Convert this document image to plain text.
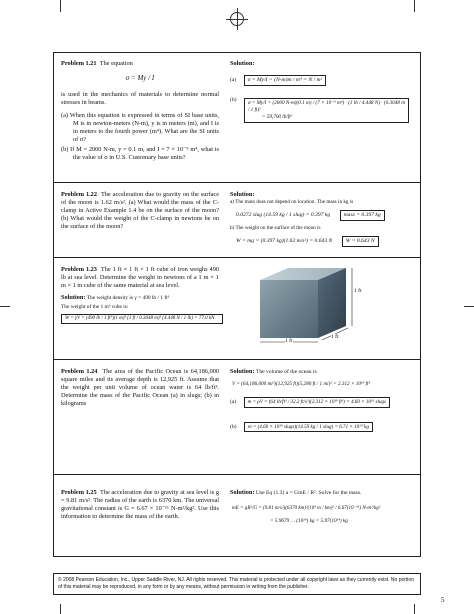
Problem 1.21 The equation
σ = My / I
is used in the mechanics of materials to determine normal stresses in beams.
(a) When this equation is expressed in terms of SI base units, M is in newton-meters (N-m), y is in meters (m), and I is in meters to the fourth power (m⁴). What are the SI units of σ?
(b) If M = 2000 N-m, y = 0.1 m, and I = 7 × 10⁻⁵ m⁴, what is the value of σ in U.S. Customary base units?
Solution:
(a) σ = My/I = (N-m)m / m⁴ = N / m²
(b) σ = My/I = (2000 N-m)(0.1 m) / (7 × 10⁻⁵ m⁴) · (1 lb / 4.448 N) · (0.3048 m / 1 ft)²
= 59,700 lb/ft²
Problem 1.22 The acceleration due to gravity on the surface of the moon is 1.62 m/s². (a) What would the mass of the C-clamp in Active Example 1.4 be on the surface of the moon? (b) What would the weight of the C-clamp in newtons be on the surface of the moon?
Solution:
a) The mass does not depend on location. The mass in kg is
0.0272 slug (14.59 kg / 1 slug) = 0.397 kg mass = 0.397 kg
b) The weight on the surface of the moon is
W = mg = (0.397 kg)(1.62 m/s²) = 0.643 N W = 0.643 N
Problem 1.23 The 1 ft × 1 ft × 1 ft cube of iron weighs 490 lb at sea level. Determine the weight in newtons of a 1 m × 1 m × 1 m cube of the same material at sea level.
Solution: The weight density is γ = 490 lb / 1 ft³
The weight of the 1 m³ cube is:
W = γV = (490 lb / 1 ft³)(1 m)³ (1 ft / 0.3048 m)³ (4.448 N / 1 lb) = 77.0 kN
1 ft
1 ft
1 ft
Problem 1.24 The area of the Pacific Ocean is 64,186,000 square miles and its average depth is 12,925 ft. Assume that the weight per unit volume of ocean water is 64 lb/ft³. Determine the mass of the Pacific Ocean (a) in slugs; (b) in kilograms
Solution: The volume of the ocean is
V = (64,186,000 mi²)(12,925 ft)(5,280 ft / 1 mi)² = 2.312 × 10¹⁹ ft³
(a) m = ρV = (64 lb/ft³ / 32.2 ft/s²)(2.312 × 10¹⁹ ft³) = 4.60 × 10¹⁹ slugs
(b) m = (4.60 × 10¹⁹ slugs)(14.59 kg / 1 slug) = 6.71 × 10²⁰ kg
Problem 1.25 The acceleration due to gravity at sea level is g = 9.81 m/s². The radius of the earth is 6370 km. The universal gravitational constant is G = 6.67 × 10⁻¹¹ N-m²/kg². Use this information to determine the mass of the earth.
Solution: Use Eq (1.3) a = GmE / R². Solve for the mass.
mE = gR²/G = (9.81 m/s²)(6370 km)²(10³ m / km)² / 6.67(10⁻¹¹) N-m²/kg²
= 5.9679 … (10²⁴) kg = 5.97(10²⁴) kg
© 2008 Pearson Education, Inc., Upper Saddle River, NJ. All rights reserved. This material is protected under all copyright laws as they currently exist. No portion of this material may be reproduced, in any form or by any means, without permission in writing from the publisher.
5
